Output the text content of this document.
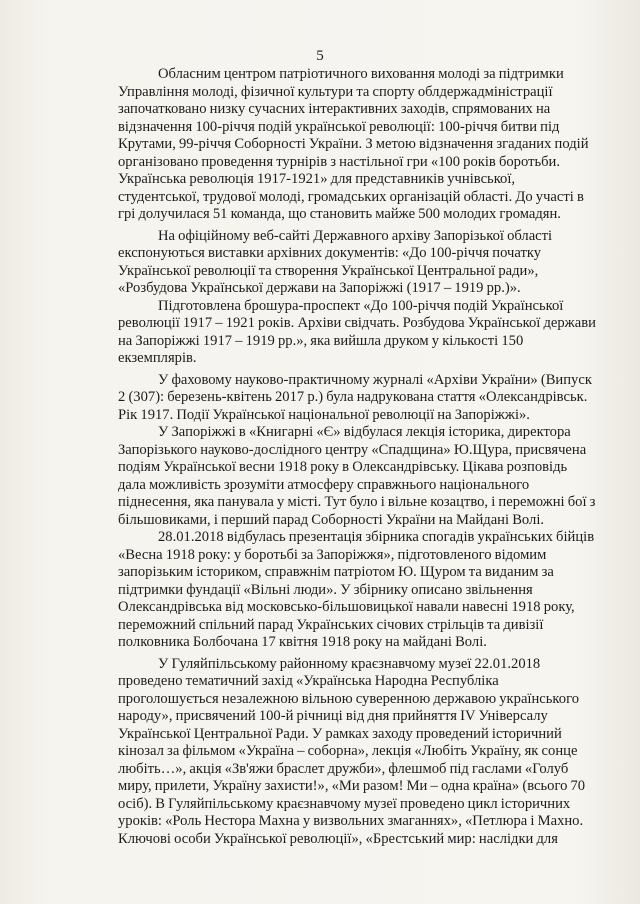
5

Обласним центром патріотичного виховання молоді за підтримки
Управління молоді, фізичної культури та спорту облдержадміністрації
започатковано низку сучасних інтерактивних заходів, спрямованих на
відзначення 100-річчя подій української революції: 100-річчя битви під
Крутами, 99-річчя Соборності України. З метою відзначення згаданих подій
організовано проведення турнірів з настільної гри «100 років боротьби.
Українська революція 1917-1921» для представників учнівської,
студентської, трудової молоді, громадських організацій області. До участі в
грі долучилася 51 команда, що становить майже 500 молодих громадян.

На офіційному веб-сайті Державного архіву Запорізької області
експонуються виставки архівних документів: «До 100-річчя початку
Української революції та створення Української Центральної ради»,
«Розбудова Української держави на Запоріжжі (1917 – 1919 рр.)».

Підготовлена брошура-проспект «До 100-річчя подій Української
революції 1917 – 1921 років. Архіви свідчать. Розбудова Української держави
на Запоріжжі 1917 – 1919 рр.», яка вийшла друком у кількості 150
екземплярів.

У фаховому науково-практичному журналі «Архіви України» (Випуск
2 (307): березень-квітень 2017 р.) була надрукована стаття «Олександрівськ.
Рік 1917. Події Української національної революції на Запоріжжі».

У Запоріжжі в «Книгарні «Є» відбулася лекція історика, директора
Запорізького науково-дослідного центру «Спадщина» Ю.Щура, присвячена
подіям Української весни 1918 року в Олександрівську. Цікава розповідь
дала можливість зрозуміти атмосферу справжнього національного
піднесення, яка панувала у місті. Тут було і вільне козацтво, і переможні бої з
більшовиками, і перший парад Соборності України на Майдані Волі.

28.01.2018 відбулась презентація збірника спогадів українських бійців
«Весна 1918 року: у боротьбі за Запоріжжя», підготовленого відомим
запорізьким істориком, справжнім патріотом Ю. Щуром та виданим за
підтримки фундації «Вільні люди». У збірнику описано звільнення
Олександрівська від московсько-більшовицької навали навесні 1918 року,
переможний спільний парад Українських січових стрільців та дивізії
полковника Болбочана 17 квітня 1918 року на майдані Волі.

У Гуляйпільському районному краєзнавчому музеї 22.01.2018
проведено тематичний захід «Українська Народна Республіка
проголошується незалежною вільною суверенною державою українського
народу», присвячений 100-й річниці від дня прийняття IV Універсалу
Української Центральної Ради. У рамках заходу проведений історичний
кінозал за фільмом «Україна – соборна», лекція «Любіть Україну, як сонце
любіть…», акція «Зв'яжи браслет дружби», флешмоб під гаслами «Голуб
миру, прилети, Україну захисти!», «Ми разом! Ми – одна країна» (всього 70
осіб). В Гуляйпільському краєзнавчому музеї проведено цикл історичних
уроків: «Роль Нестора Махна у визвольних змаганнях», «Петлюра і Махно.
Ключові особи Української революції», «Брестський мир: наслідки для
